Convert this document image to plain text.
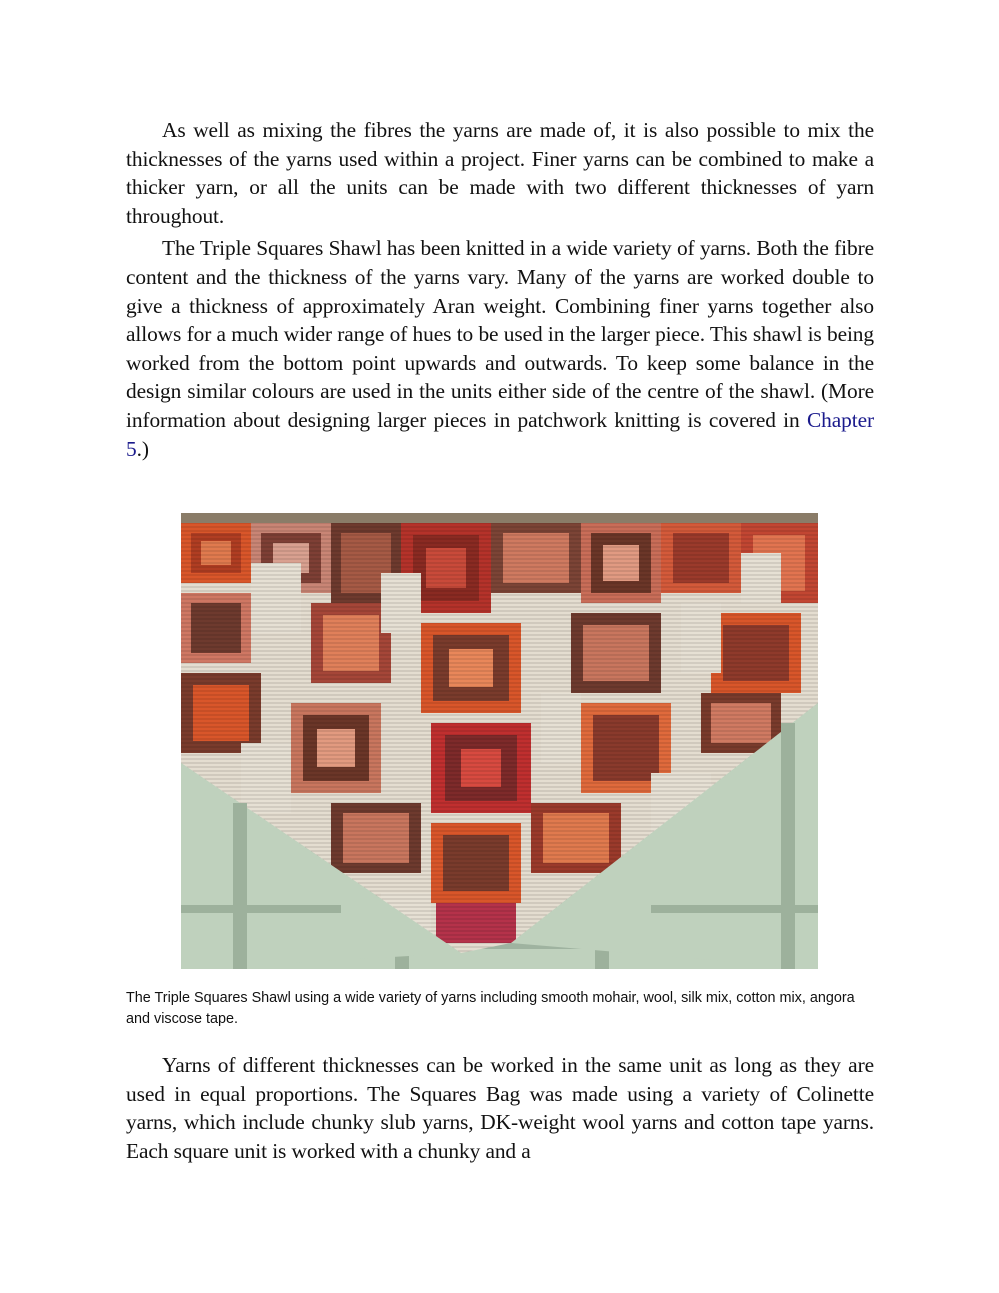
As well as mixing the fibres the yarns are made of, it is also possible to mix the thicknesses of the yarns used within a project. Finer yarns can be combined to make a thicker yarn, or all the units can be made with two different thicknesses of yarn throughout.

The Triple Squares Shawl has been knitted in a wide variety of yarns. Both the fibre content and the thickness of the yarns vary. Many of the yarns are worked double to give a thickness of approximately Aran weight. Combining finer yarns together also allows for a much wider range of hues to be used in the larger piece. This shawl is being worked from the bottom point upwards and outwards. To keep some balance in the design similar colours are used in the units either side of the centre of the shawl. (More information about designing larger pieces in patchwork knitting is covered in Chapter 5.)

The Triple Squares Shawl using a wide variety of yarns including smooth mohair, wool, silk mix, cotton mix, angora and viscose tape.

Yarns of different thicknesses can be worked in the same unit as long as they are used in equal proportions. The Squares Bag was made using a variety of Colinette yarns, which include chunky slub yarns, DK-weight wool yarns and cotton tape yarns. Each square unit is worked with a chunky and a
